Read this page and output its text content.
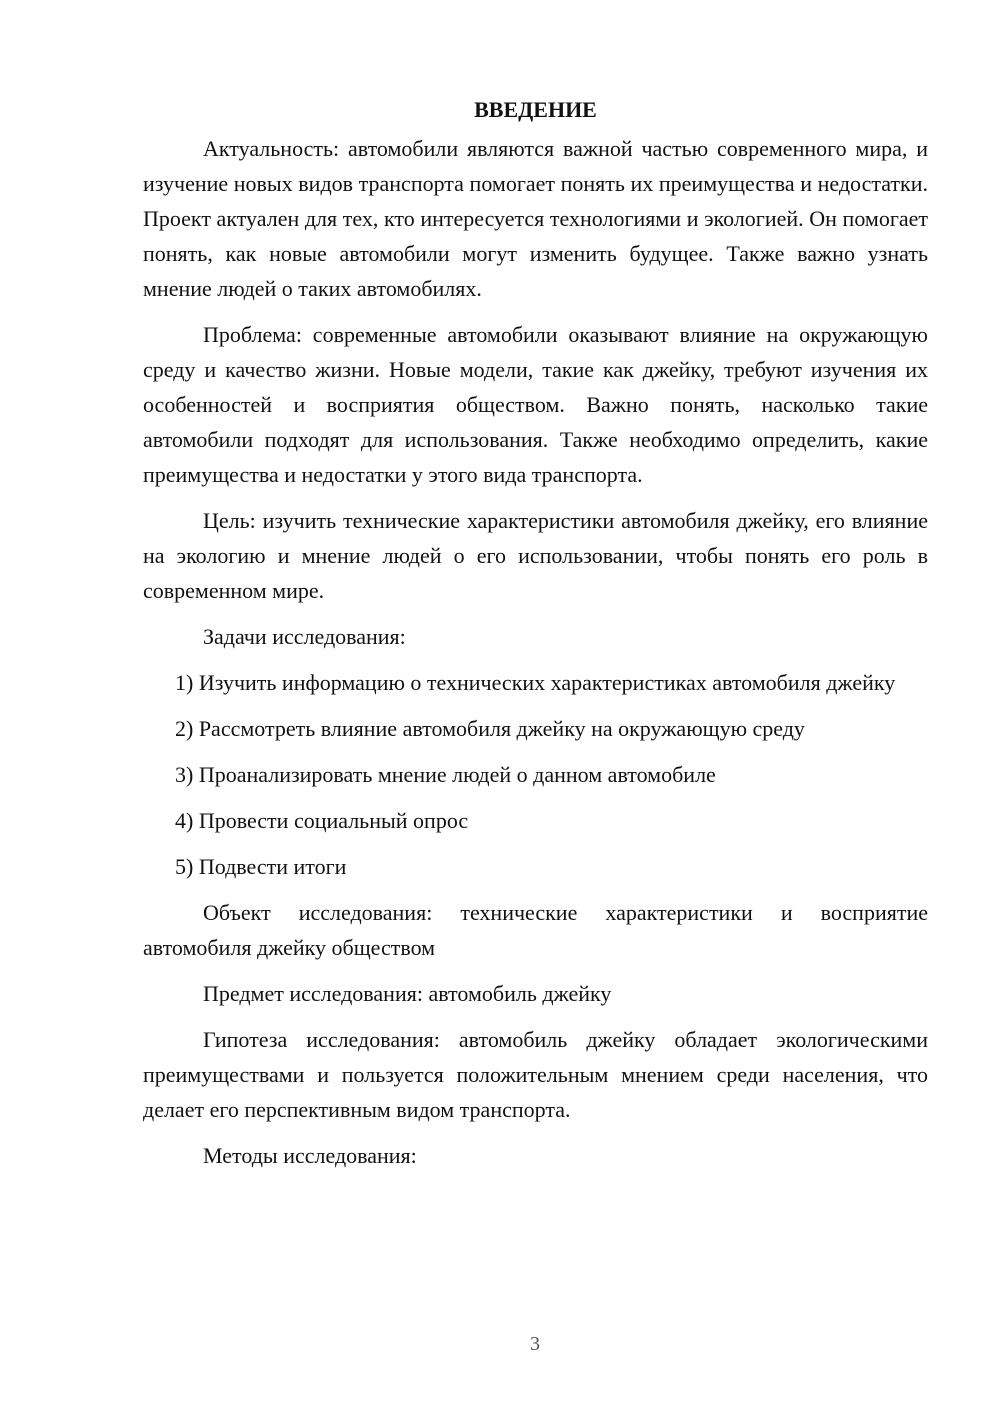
ВВЕДЕНИЕ

Актуальность: автомобили являются важной частью современного мира, и изучение новых видов транспорта помогает понять их преимущества и недостатки. Проект актуален для тех, кто интересуется технологиями и экологией. Он помогает понять, как новые автомобили могут изменить будущее. Также важно узнать мнение людей о таких автомобилях.

Проблема: современные автомобили оказывают влияние на окружающую среду и качество жизни. Новые модели, такие как джейку, требуют изучения их особенностей и восприятия обществом. Важно понять, насколько такие автомобили подходят для использования. Также необходимо определить, какие преимущества и недостатки у этого вида транспорта.

Цель: изучить технические характеристики автомобиля джейку, его влияние на экологию и мнение людей о его использовании, чтобы понять его роль в современном мире.

Задачи исследования:

1) Изучить информацию о технических характеристиках автомобиля джейку

2) Рассмотреть влияние автомобиля джейку на окружающую среду

3) Проанализировать мнение людей о данном автомобиле

4) Провести социальный опрос

5) Подвести итоги

Объект исследования: технические характеристики и восприятие автомобиля джейку обществом

Предмет исследования: автомобиль джейку

Гипотеза исследования: автомобиль джейку обладает экологическими преимуществами и пользуется положительным мнением среди населения, что делает его перспективным видом транспорта.

Методы исследования:

3
